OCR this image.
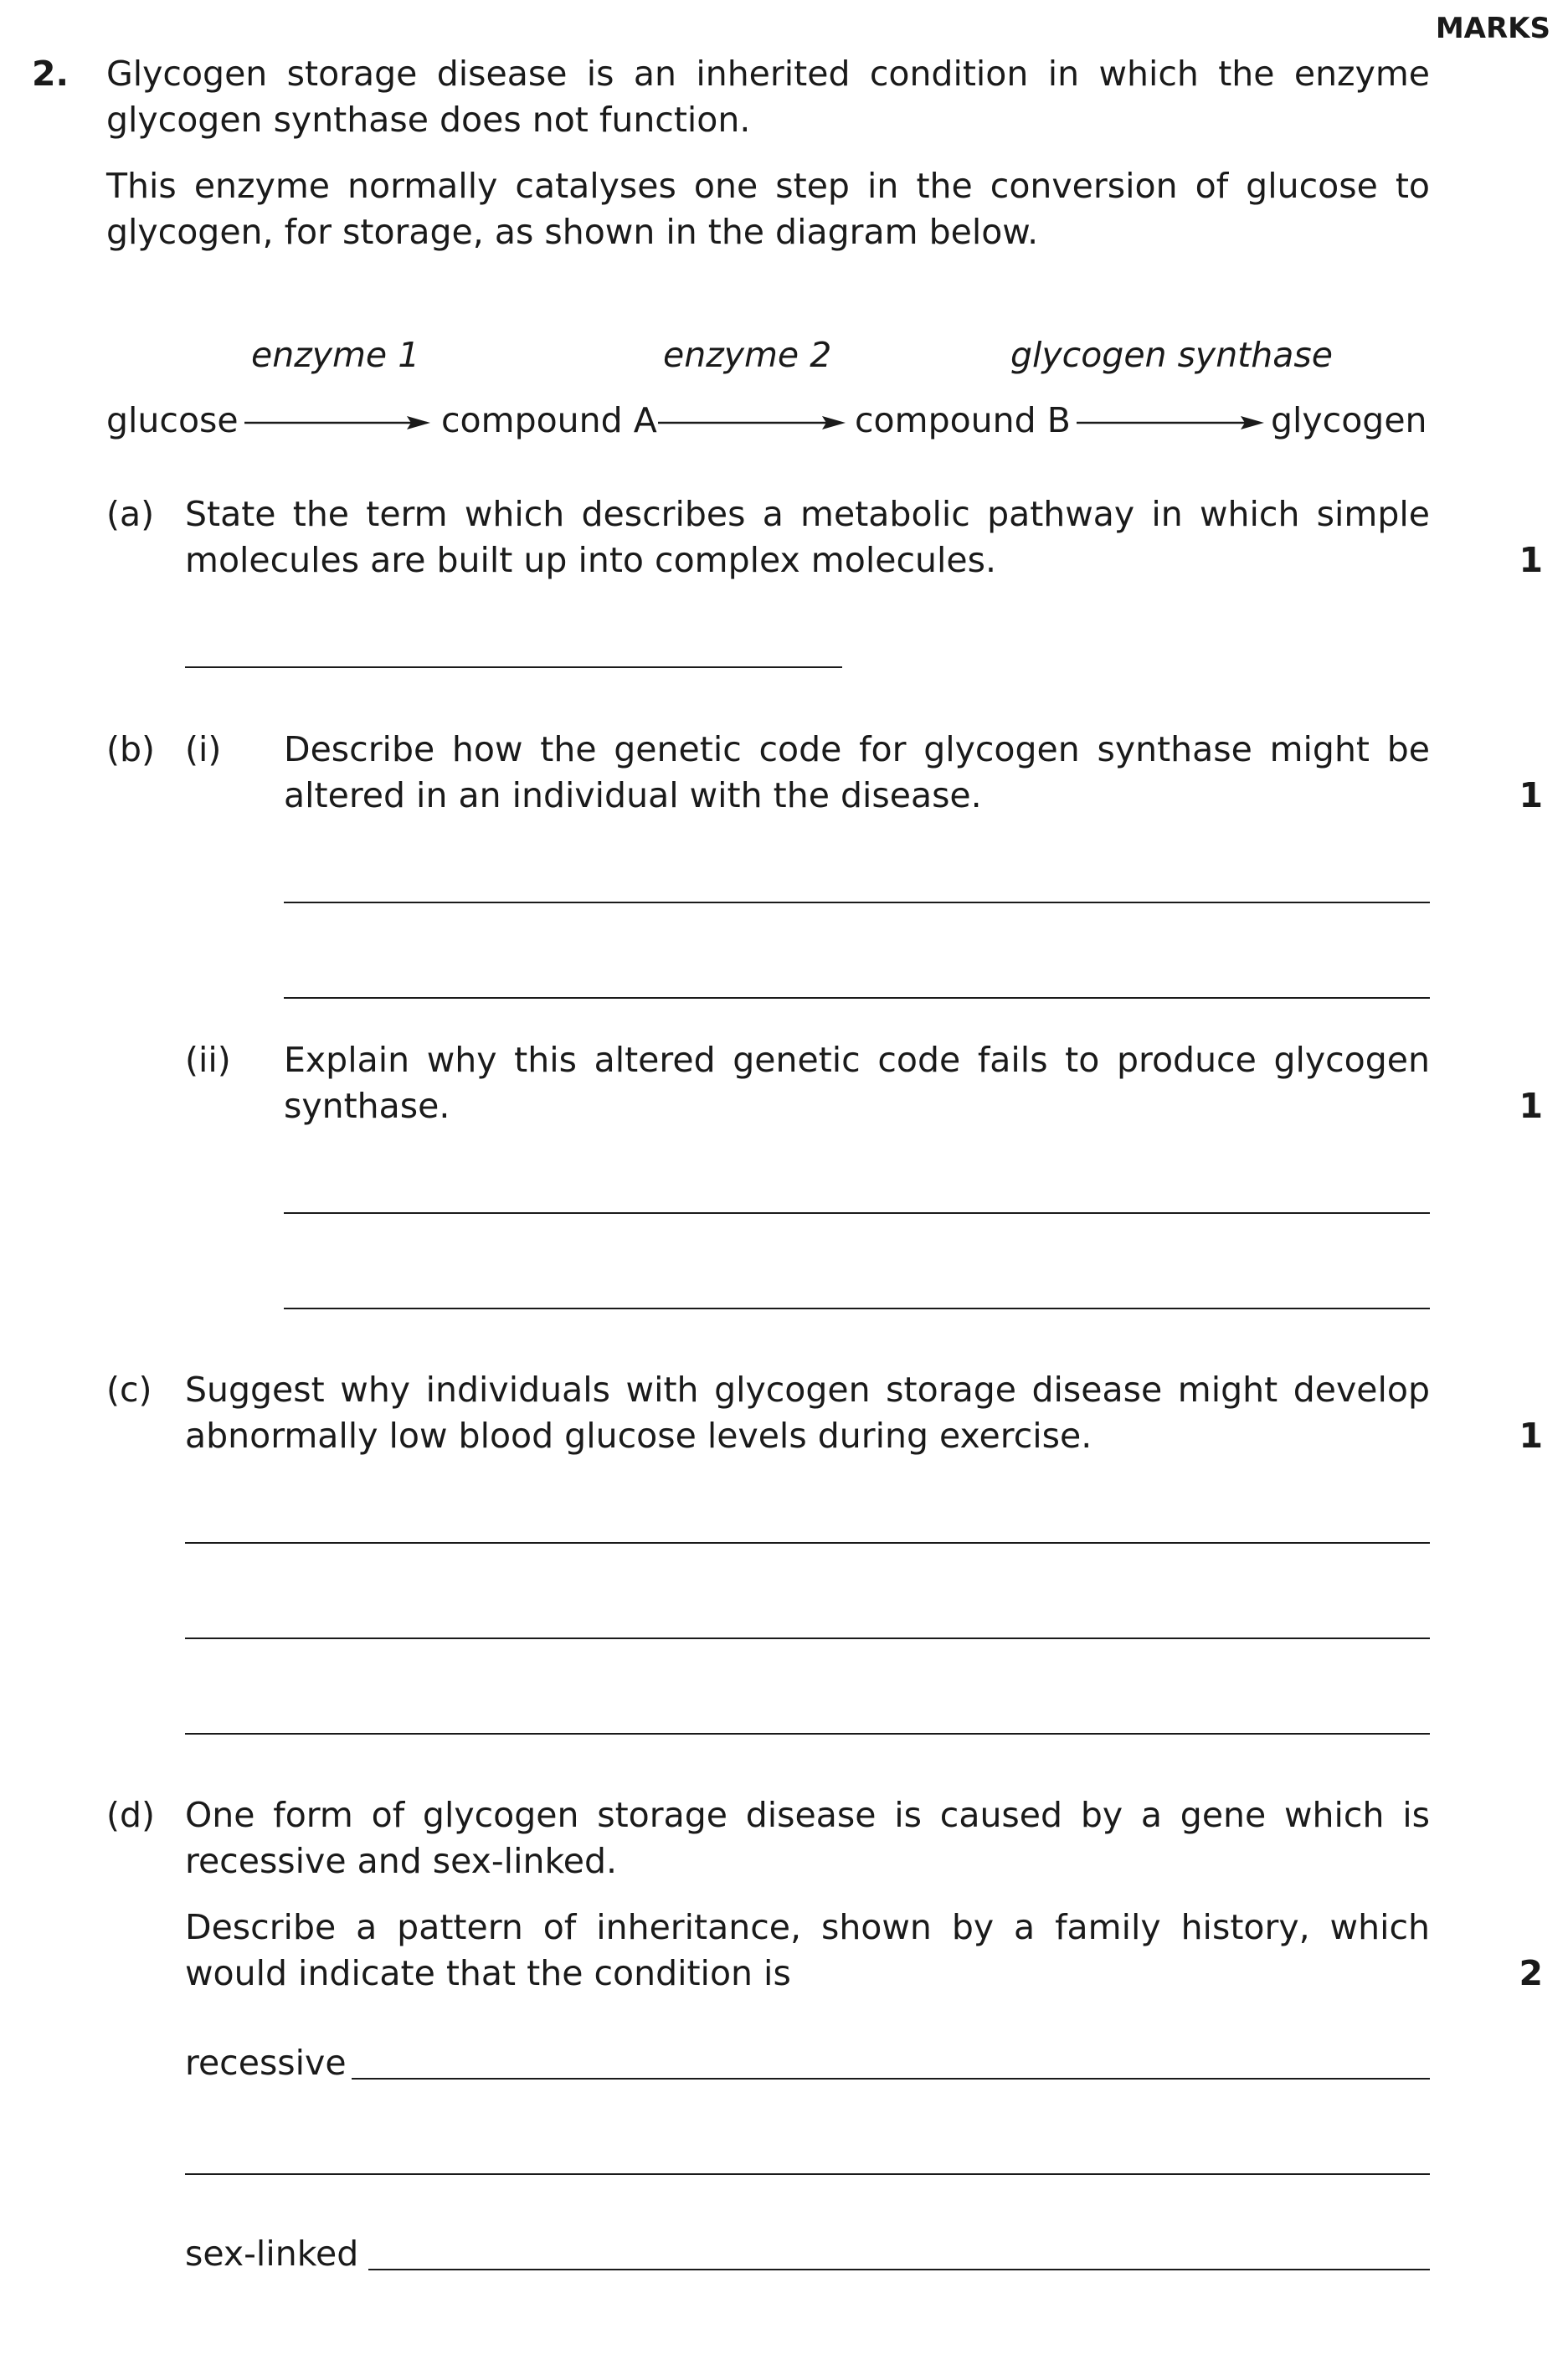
MARKS
2. Glycogen storage disease is an inherited condition in which the enzyme
glycogen synthase does not function.
This enzyme normally catalyses one step in the conversion of glucose to
glycogen, for storage, as shown in the diagram below.
enzyme 1	enzyme 2	glycogen synthase
glucose	compound A	compound B	glycogen
(a) State the term which describes a metabolic pathway in which simple
molecules are built up into complex molecules.	1
(b) (i) Describe how the genetic code for glycogen synthase might be
altered in an individual with the disease.	1
(ii) Explain why this altered genetic code fails to produce glycogen
synthase.	1
(c) Suggest why individuals with glycogen storage disease might develop
abnormally low blood glucose levels during exercise.	1
(d) One form of glycogen storage disease is caused by a gene which is
recessive and sex-linked.
Describe a pattern of inheritance, shown by a family history, which
would indicate that the condition is	2
recessive
sex-linked
